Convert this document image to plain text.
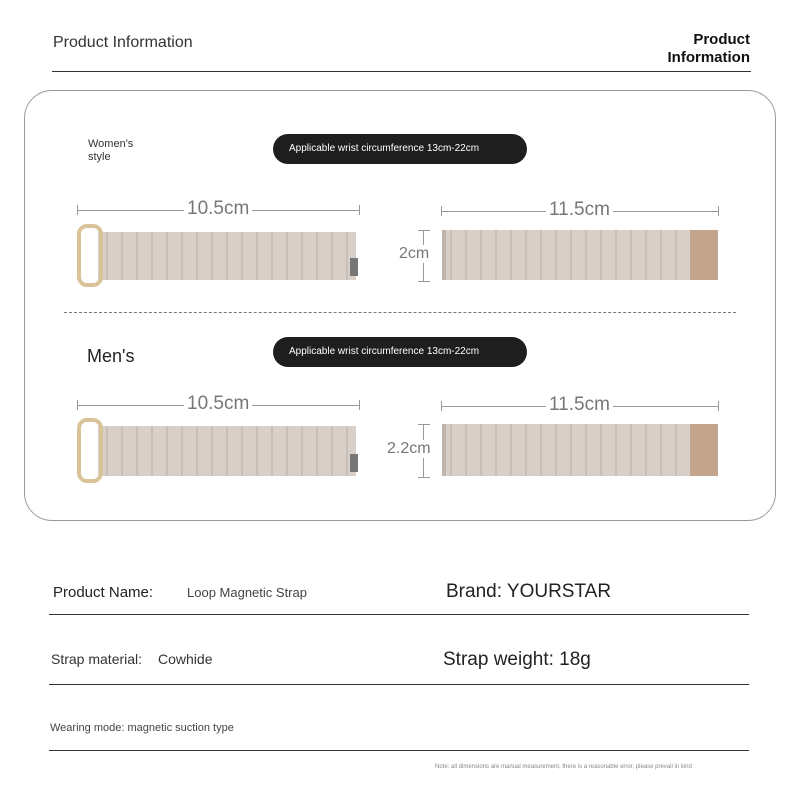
Product Information	Product
Information
Women's style
Applicable wrist circumference 13cm-22cm
10.5cm	11.5cm
2cm
Men's	Applicable wrist circumference 13cm-22cm
10.5cm	11.5cm
2.2cm
Product Name:	Loop Magnetic Strap	Brand: YOURSTAR
Strap material: Cowhide	Strap weight: 18g
Wearing mode: magnetic suction type
Note: all dimensions are manual measurement, there is a reasonable error, please prevail in kind
